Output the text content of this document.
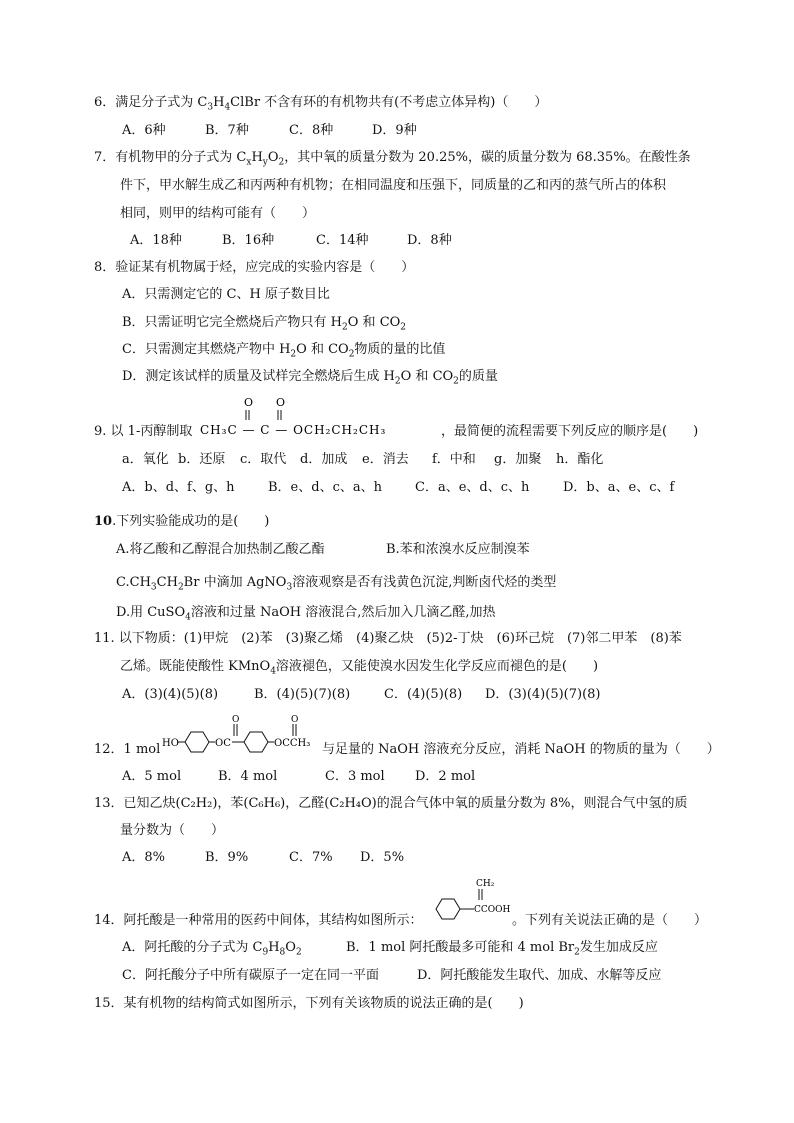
6．满足分子式为 $C_3H_4ClBr$ 不含有环的有机物共有(不考虑立体异构)（　　）
A．6种	B．7种	C．8种	D．9种
7．有机物甲的分子式为 $C_xH_yO_2$，其中氧的质量分数为 20.25%，碳的质量分数为 68.35%。在酸性条
件下，甲水解生成乙和丙两种有机物；在相同温度和压强下，同质量的乙和丙的蒸气所占的体积
相同，则甲的结构可能有（　　）
A．18种	B．16种	C．14种	D．8种
8．验证某有机物属于烃，应完成的实验内容是（　　）
A．只需测定它的 C、H 原子数目比
B．只需证明它完全燃烧后产物只有 $H_2O$ 和 $CO_2$
C．只需测定其燃烧产物中 $H_2O$ 和 $CO_2$物质的量的比值
D．测定该试样的质量及试样完全燃烧后生成 $H_2O$ 和 $CO_2$的质量
9. 以 1-丙醇制取
O O
CH₃C — C — OCH₂CH₂CH₃	，最简便的流程需要下列反应的顺序是(　　)
a．氧化 b．还原 c．取代 d．加成 e．消去 f．中和 g．加聚 h．酯化
A．b、d、f、g、h	B．e、d、c、a、h	C．a、e、d、c、h	D．b、a、e、c、f
10.下列实验能成功的是(　　)
A.将乙酸和乙醇混合加热制乙酸乙酯	B.苯和浓溴水反应制溴苯
$C.CH_3CH_2Br$ 中滴加 AgNO$_3$溶液观察是否有浅黄色沉淀,判断卤代烃的类型
D.用 CuSO$_4$溶液和过量 NaOH 溶液混合,然后加入几滴乙醛,加热
11. 以下物质：(1)甲烷　(2)苯　(3)聚乙烯　(4)聚乙炔　(5)2-丁炔　(6)环己烷　(7)邻二甲苯　(8)苯
乙烯。既能使酸性 KMnO$_4$溶液褪色，又能使溴水因发生化学反应而褪色的是(　　)
A．(3)(4)(5)(8)	B．(4)(5)(7)(8)	C．(4)(5)(8) D．(3)(4)(5)(7)(8)
12．1 mol HO	OC
O
OCCH₃
O
与足量的 NaOH 溶液充分反应，消耗 NaOH 的物质的量为（　　）
A．5 mol	B．4 mol	C．3 mol D．2 mol
13．已知乙炔(C₂H₂)，苯(C₆H₆)，乙醛(C₂H₄O)的混合气体中氧的质量分数为 8%，则混合气中氢的质
量分数为（　　）
A．8%	B．9%	C．7% D．5%
14．阿托酸是一种常用的医药中间体，其结构如图所示：
CH₂
CCOOH
。下列有关说法正确的是（　　）
A．阿托酸的分子式为 $C_9H_8O_2$	B．1 mol 阿托酸最多可能和 4 mol $Br_2$发生加成反应
C．阿托酸分子中所有碳原子一定在同一平面	D．阿托酸能发生取代、加成、水解等反应
15．某有机物的结构简式如图所示，下列有关该物质的说法正确的是(　　)
